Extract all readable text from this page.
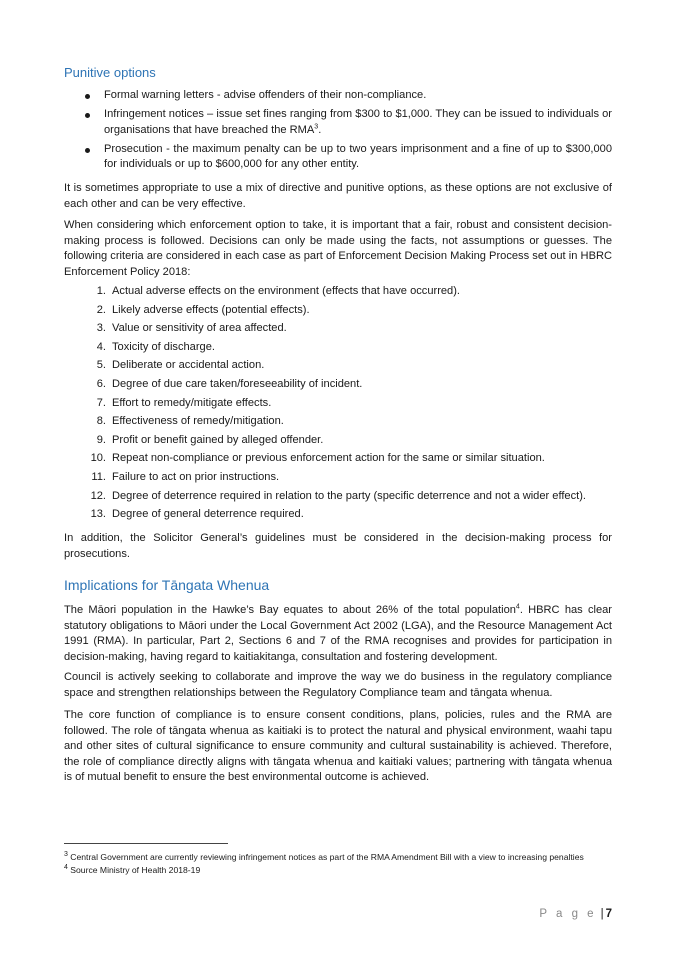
Punitive options
Formal warning letters - advise offenders of their non-compliance.
Infringement notices – issue set fines ranging from $300 to $1,000. They can be issued to individuals or organisations that have breached the RMA$^3$.
Prosecution - the maximum penalty can be up to two years imprisonment and a fine of up to $300,000 for individuals or up to $600,000 for any other entity.

It is sometimes appropriate to use a mix of directive and punitive options, as these options are not exclusive of each other and can be very effective.

When considering which enforcement option to take, it is important that a fair, robust and consistent decision-making process is followed. Decisions can only be made using the facts, not assumptions or guesses. The following criteria are considered in each case as part of Enforcement Decision Making Process set out in HBRC Enforcement Policy 2018:

1. Actual adverse effects on the environment (effects that have occurred).
2. Likely adverse effects (potential effects).
3. Value or sensitivity of area affected.
4. Toxicity of discharge.
5. Deliberate or accidental action.
6. Degree of due care taken/foreseeability of incident.
7. Effort to remedy/mitigate effects.
8. Effectiveness of remedy/mitigation.
9. Profit or benefit gained by alleged offender.
10. Repeat non-compliance or previous enforcement action for the same or similar situation.
11. Failure to act on prior instructions.
12. Degree of deterrence required in relation to the party (specific deterrence and not a wider effect).
13. Degree of general deterrence required.

In addition, the Solicitor General’s guidelines must be considered in the decision-making process for prosecutions.

Implications for Tāngata Whenua

The Māori population in the Hawke’s Bay equates to about 26% of the total population$^4$. HBRC has clear statutory obligations to Māori under the Local Government Act 2002 (LGA), and the Resource Management Act 1991 (RMA). In particular, Part 2, Sections 6 and 7 of the RMA recognises and provides for participation in decision-making, having regard to kaitiakitanga, consultation and fostering development.

Council is actively seeking to collaborate and improve the way we do business in the regulatory compliance space and strengthen relationships between the Regulatory Compliance team and tāngata whenua.

The core function of compliance is to ensure consent conditions, plans, policies, rules and the RMA are followed. The role of tāngata whenua as kaitiaki is to protect the natural and physical environment, waahi tapu and other sites of cultural significance to ensure community and cultural sustainability is achieved. Therefore, the role of compliance directly aligns with tāngata whenua and kaitiaki values; partnering with tāngata whenua is of mutual benefit to ensure the best environmental outcome is achieved.

$^3$ Central Government are currently reviewing infringement notices as part of the RMA Amendment Bill with a view to increasing penalties

$^4$ Source Ministry of Health 2018-19

P a g e | 7
